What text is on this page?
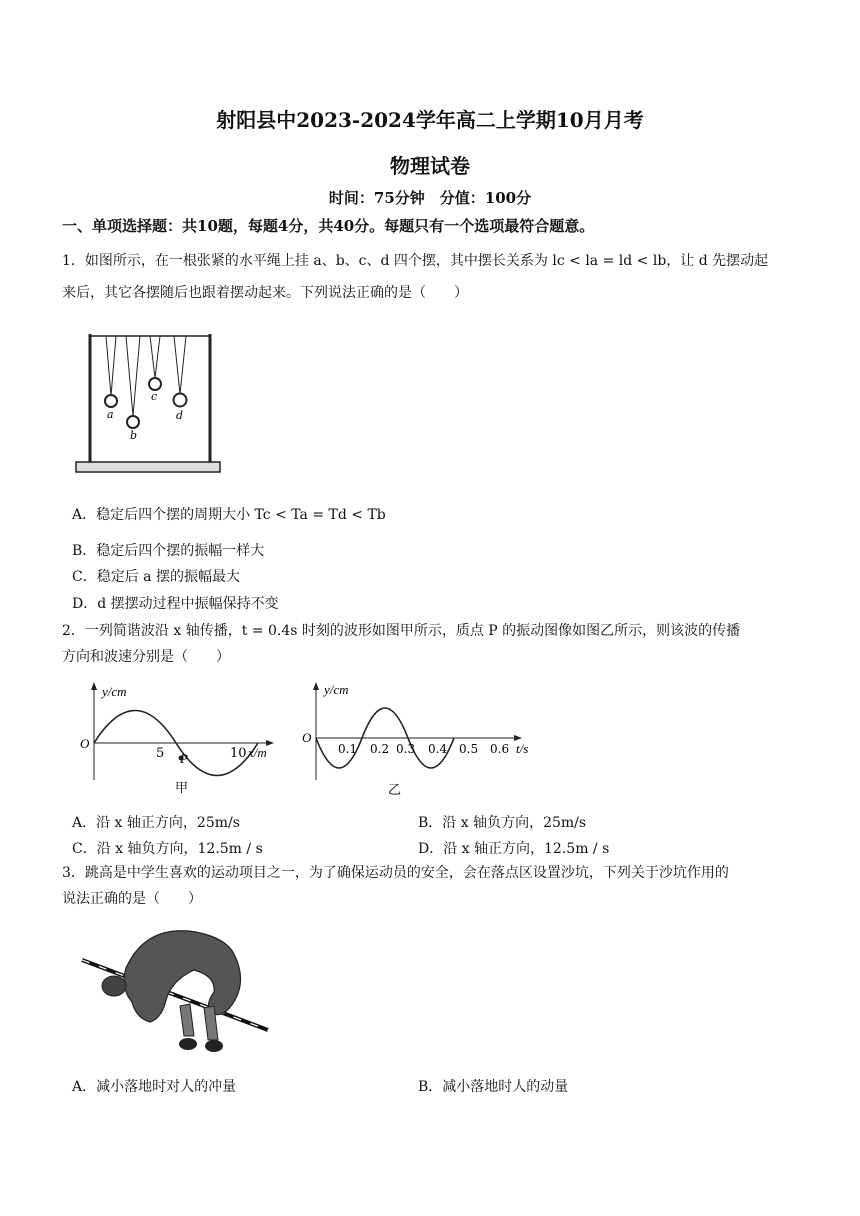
射阳县中2023-2024学年高二上学期10月月考
物理试卷
时间：75分钟　分值：100分
一、单项选择题：共10题，每题4分，共40分。每题只有一个选项最符合题意。
1．如图所示，在一根张紧的水平绳上挂 a、b、c、d 四个摆，其中摆长关系为 lc < la = ld < lb，让 d 先摆动起
来后，其它各摆随后也跟着摆动起来。下列说法正确的是（　　）
a
b
c
d
A．稳定后四个摆的周期大小 Tc < Ta = Td < Tb
B．稳定后四个摆的振幅一样大
C．稳定后 a 摆的振幅最大
D．d 摆摆动过程中振幅保持不变
2．一列简谐波沿 x 轴传播，t = 0.4s 时刻的波形如图甲所示，质点 P 的振动图像如图乙所示，则该波的传播
方向和波速分别是（　　）
y/cm
O
5 P	10 x/m
甲
y/cm
O
0.1 0.2 0.3 0.4 0.5 0.6 t/s
乙
A．沿 x 轴正方向，25m/s	B．沿 x 轴负方向，25m/s
C．沿 x 轴负方向，12.5m / s	D．沿 x 轴正方向，12.5m / s
3．跳高是中学生喜欢的运动项目之一，为了确保运动员的安全，会在落点区设置沙坑，下列关于沙坑作用的
说法正确的是（　　）
A．减小落地时对人的冲量	B．减小落地时人的动量
